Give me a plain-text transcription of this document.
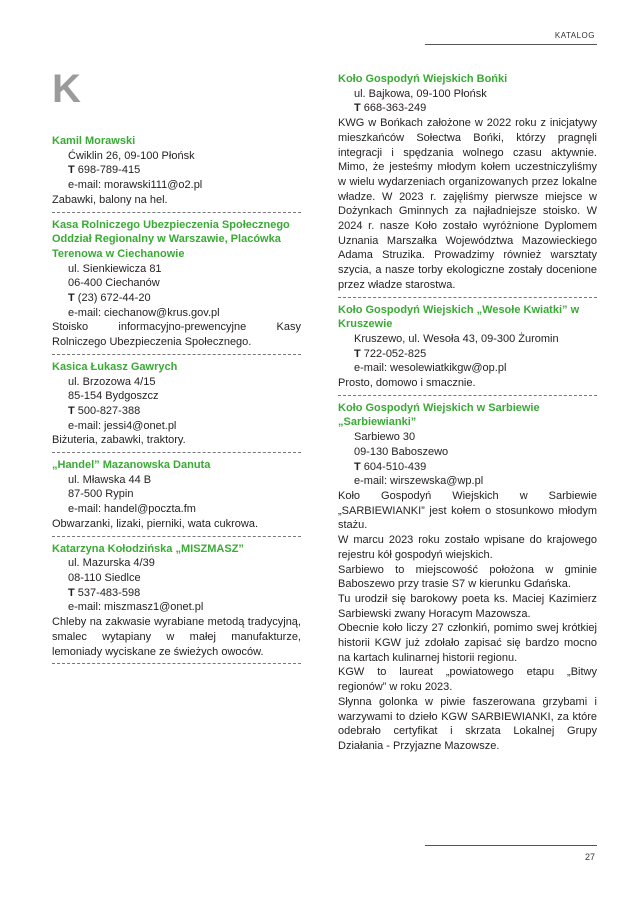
KATALOG
K
Kamil Morawski
Ćwiklin 26, 09-100 Płońsk
T 698-789-415
e-mail: morawski111@o2.pl

Zabawki, balony na hel.

Kasa Rolniczego Ubezpieczenia Społecznego Oddział Regionalny w Warszawie, Placówka Terenowa w Ciechanowie
ul. Sienkiewicza 81
06-400 Ciechanów
T (23) 672-44-20
e-mail: ciechanow@krus.gov.pl

Stoisko informacyjno-prewencyjne Kasy Rolniczego Ubezpieczenia Społecznego.

Kasica Łukasz Gawrych
ul. Brzozowa 4/15
85-154 Bydgoszcz
T 500-827-388
e-mail: jessi4@onet.pl

Biżuteria, zabawki, traktory.

„Handel” Mazanowska Danuta
ul. Mławska 44 B
87-500 Rypin
e-mail: handel@poczta.fm

Obwarzanki, lizaki, pierniki, wata cukrowa.

Katarzyna Kołodzińska „MISZMASZ”
ul. Mazurska 4/39
08-110 Siedlce
T 537-483-598
e-mail: miszmasz1@onet.pl

Chleby na zakwasie wyrabiane metodą tradycyjną, smalec wytapiany w małej manufakturze, lemoniady wyciskane ze świeżych owoców.

Koło Gospodyń Wiejskich Bońki
ul. Bajkowa, 09-100 Płońsk
T 668-363-249

KWG w Bońkach założone w 2022 roku z inicjatywy mieszkańców Sołectwa Bońki, którzy pragnęli integracji i spędzania wolnego czasu aktywnie. Mimo, że jesteśmy młodym kołem uczestniczyliśmy w wielu wydarzeniach organizowanych przez lokalne władze. W 2023 r. zajęliśmy pierwsze miejsce w Dożynkach Gminnych za najładniejsze stoisko. W 2024 r. nasze Koło zostało wyróżnione Dyplomem Uznania Marszałka Województwa Mazowieckiego Adama Struzika. Prowadzimy również warsztaty szycia, a nasze torby ekologiczne zostały docenione przez władze starostwa.

Koło Gospodyń Wiejskich „Wesołe Kwiatki” w Kruszewie
Kruszewo, ul. Wesoła 43, 09-300 Żuromin
T 722-052-825
e-mail: wesolewiatkikgw@op.pl

Prosto, domowo i smacznie.

Koło Gospodyń Wiejskich w Sarbiewie „Sarbiewianki”
Sarbiewo 30
09-130 Baboszewo
T 604-510-439
e-mail: wirszewska@wp.pl

Koło Gospodyń Wiejskich w Sarbiewie „SARBIEWIANKI” jest kołem o stosunkowo młodym stażu.

W marcu 2023 roku zostało wpisane do krajowego rejestru kół gospodyń wiejskich.

Sarbiewo to miejscowość położona w gminie Baboszewo przy trasie S7 w kierunku Gdańska.

Tu urodził się barokowy poeta ks. Maciej Kazimierz Sarbiewski zwany Horacym Mazowsza.

Obecnie koło liczy 27 członkiń, pomimo swej krótkiej historii KGW już zdołało zapisać się bardzo mocno na kartach kulinarnej historii regionu.

KGW to laureat „powiatowego etapu „Bitwy regionów” w roku 2023.

Słynna golonka w piwie faszerowana grzybami i warzywami to dzieło KGW SARBIEWIANKI, za które odebrało certyfikat i skrzata Lokalnej Grupy Działania - Przyjazne Mazowsze.

27
